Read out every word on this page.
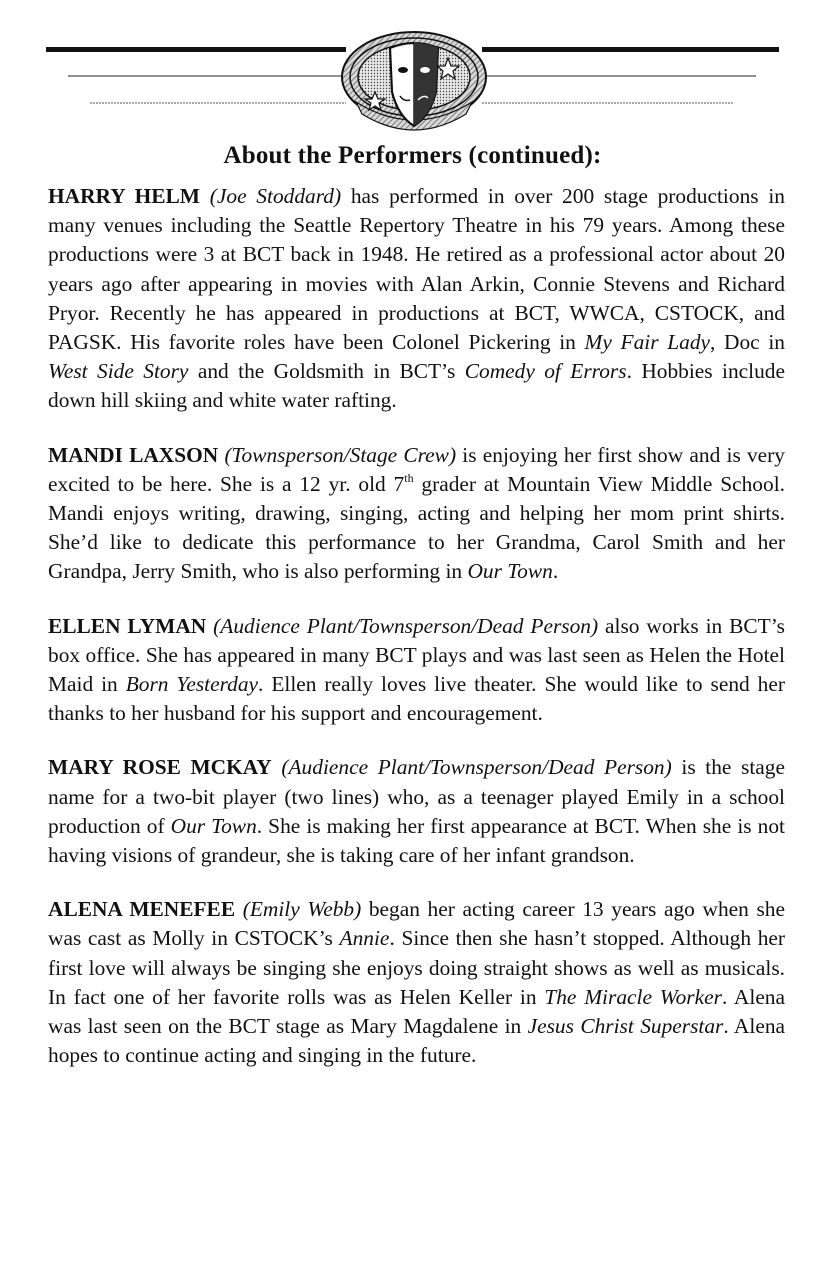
About the Performers (continued):

HARRY HELM (Joe Stoddard) has performed in over 200 stage productions in many venues including the Seattle Repertory Theatre in his 79 years. Among these productions were 3 at BCT back in 1948. He retired as a professional actor about 20 years ago after appearing in movies with Alan Arkin, Connie Stevens and Richard Pryor. Recently he has appeared in productions at BCT, WWCA, CSTOCK, and PAGSK. His favorite roles have been Colonel Pickering in My Fair Lady, Doc in West Side Story and the Goldsmith in BCT’s Comedy of Errors. Hobbies include down hill skiing and white water rafting.

MANDI LAXSON (Townsperson/Stage Crew) is enjoying her first show and is very excited to be here. She is a 12 yr. old 7th grader at Mountain View Middle School. Mandi enjoys writing, drawing, singing, acting and helping her mom print shirts. She’d like to dedicate this performance to her Grandma, Carol Smith and her Grandpa, Jerry Smith, who is also performing in Our Town.

ELLEN LYMAN (Audience Plant/Townsperson/Dead Person) also works in BCT’s box office. She has appeared in many BCT plays and was last seen as Helen the Hotel Maid in Born Yesterday. Ellen really loves live theater. She would like to send her thanks to her husband for his support and encouragement.

MARY ROSE MCKAY (Audience Plant/Townsperson/Dead Person) is the stage name for a two-bit player (two lines) who, as a teenager played Emily in a school production of Our Town. She is making her first appearance at BCT. When she is not having visions of grandeur, she is taking care of her infant grandson.

ALENA MENEFEE (Emily Webb) began her acting career 13 years ago when she was cast as Molly in CSTOCK’s Annie. Since then she hasn’t stopped. Although her first love will always be singing she enjoys doing straight shows as well as musicals. In fact one of her favorite rolls was as Helen Keller in The Miracle Worker. Alena was last seen on the BCT stage as Mary Magdalene in Jesus Christ Superstar. Alena hopes to continue acting and singing in the future.
